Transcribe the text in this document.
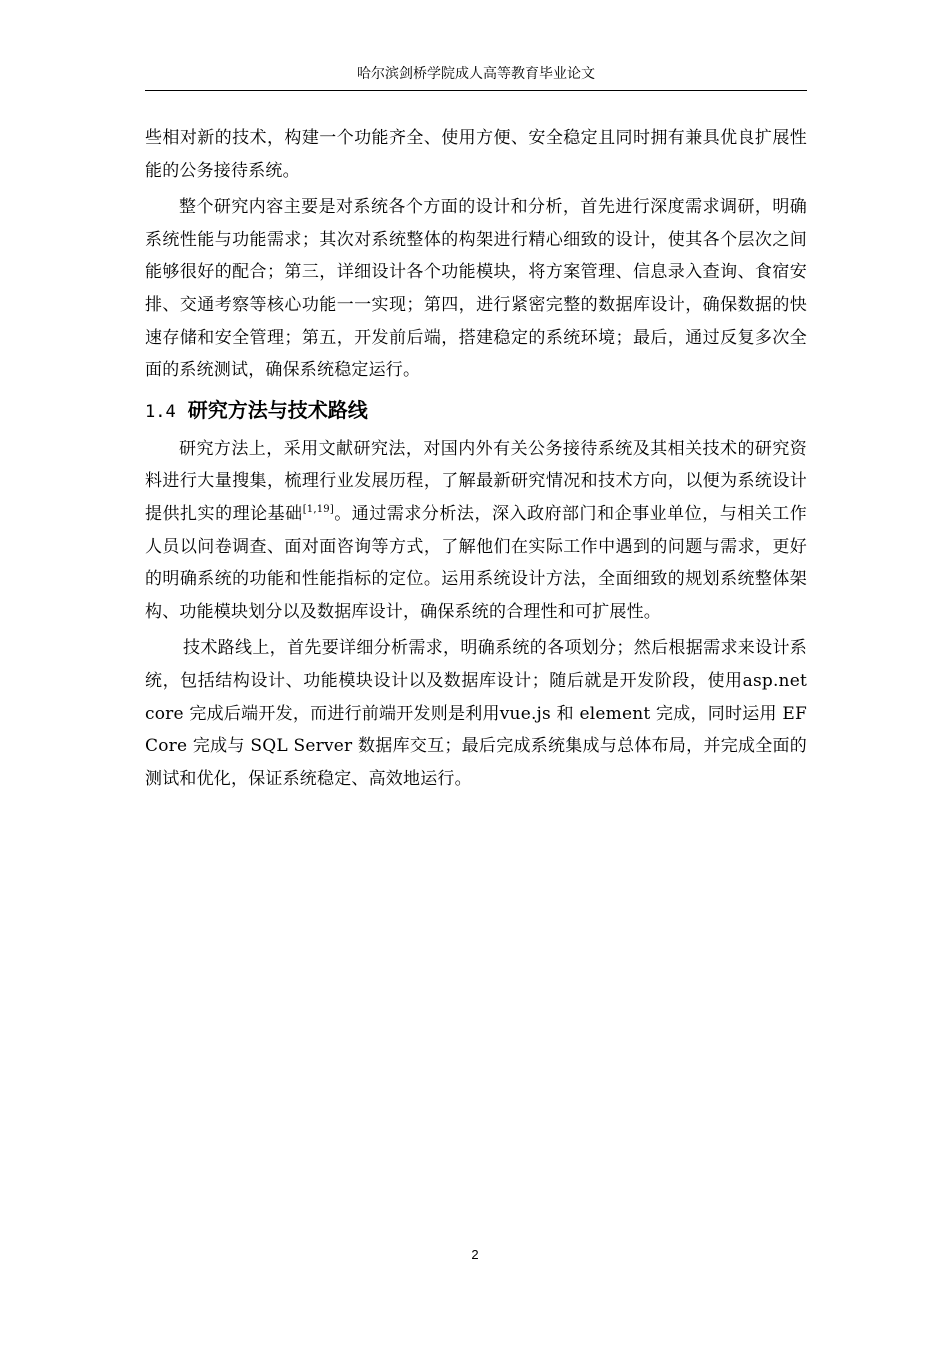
哈尔滨剑桥学院成人高等教育毕业论文

些相对新的技术，构建一个功能齐全、使用方便、安全稳定且同时拥有兼具优良扩展性能的公务接待系统。

整个研究内容主要是对系统各个方面的设计和分析，首先进行深度需求调研，明确系统性能与功能需求；其次对系统整体的构架进行精心细致的设计，使其各个层次之间能够很好的配合；第三，详细设计各个功能模块，将方案管理、信息录入查询、食宿安排、交通考察等核心功能一一实现；第四，进行紧密完整的数据库设计，确保数据的快速存储和安全管理；第五，开发前后端，搭建稳定的系统环境；最后，通过反复多次全面的系统测试，确保系统稳定运行。

1.4 研究方法与技术路线

研究方法上，采用文献研究法，对国内外有关公务接待系统及其相关技术的研究资料进行大量搜集，梳理行业发展历程，了解最新研究情况和技术方向，以便为系统设计提供扎实的理论基础[1,19]。通过需求分析法，深入政府部门和企事业单位，与相关工作人员以问卷调查、面对面咨询等方式，了解他们在实际工作中遇到的问题与需求，更好的明确系统的功能和性能指标的定位。运用系统设计方法，全面细致的规划系统整体架构、功能模块划分以及数据库设计，确保系统的合理性和可扩展性。

技术路线上，首先要详细分析需求，明确系统的各项划分；然后根据需求来设计系统，包括结构设计、功能模块设计以及数据库设计；随后就是开发阶段，使用asp.net core 完成后端开发，而进行前端开发则是利用vue.js 和 element 完成，同时运用 EF Core 完成与 SQL Server 数据库交互；最后完成系统集成与总体布局，并完成全面的测试和优化，保证系统稳定、高效地运行。

2
